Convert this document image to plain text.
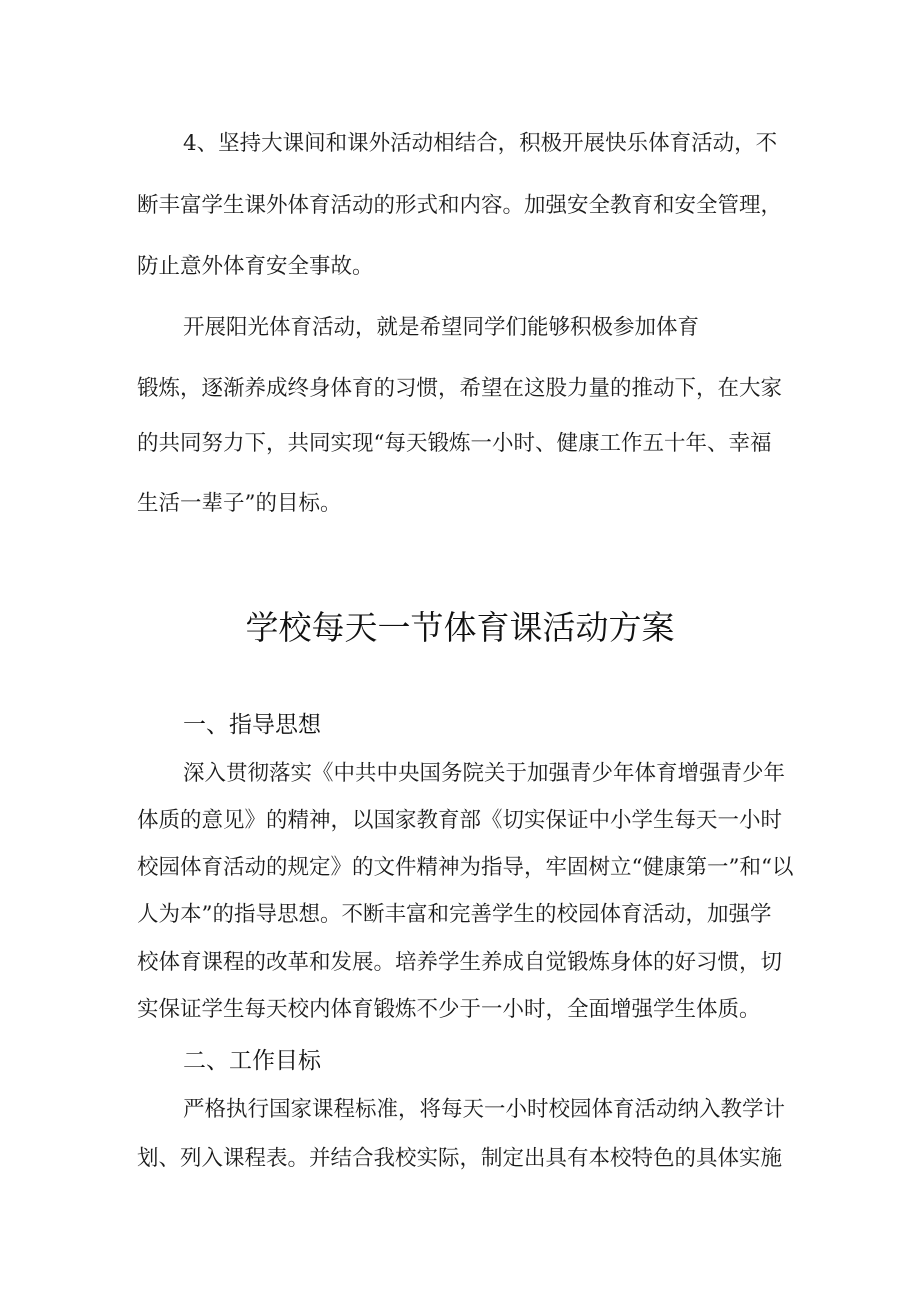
4、坚持大课间和课外活动相结合，积极开展快乐体育活动，不
断丰富学生课外体育活动的形式和内容。加强安全教育和安全管理，
防止意外体育安全事故。
开展阳光体育活动，就是希望同学们能够积极参加体育
锻炼，逐渐养成终身体育的习惯，希望在这股力量的推动下，在大家
的共同努力下，共同实现“每天锻炼一小时、健康工作五十年、幸福
生活一辈子”的目标。
学校每天一节体育课活动方案
一、指导思想
深入贯彻落实《中共中央国务院关于加强青少年体育增强青少年
体质的意见》的精神，以国家教育部《切实保证中小学生每天一小时
校园体育活动的规定》的文件精神为指导，牢固树立“健康第一”和“以
人为本”的指导思想。不断丰富和完善学生的校园体育活动，加强学
校体育课程的改革和发展。培养学生养成自觉锻炼身体的好习惯，切
实保证学生每天校内体育锻炼不少于一小时，全面增强学生体质。
二、工作目标
严格执行国家课程标准，将每天一小时校园体育活动纳入教学计
划、列入课程表。并结合我校实际，制定出具有本校特色的具体实施
